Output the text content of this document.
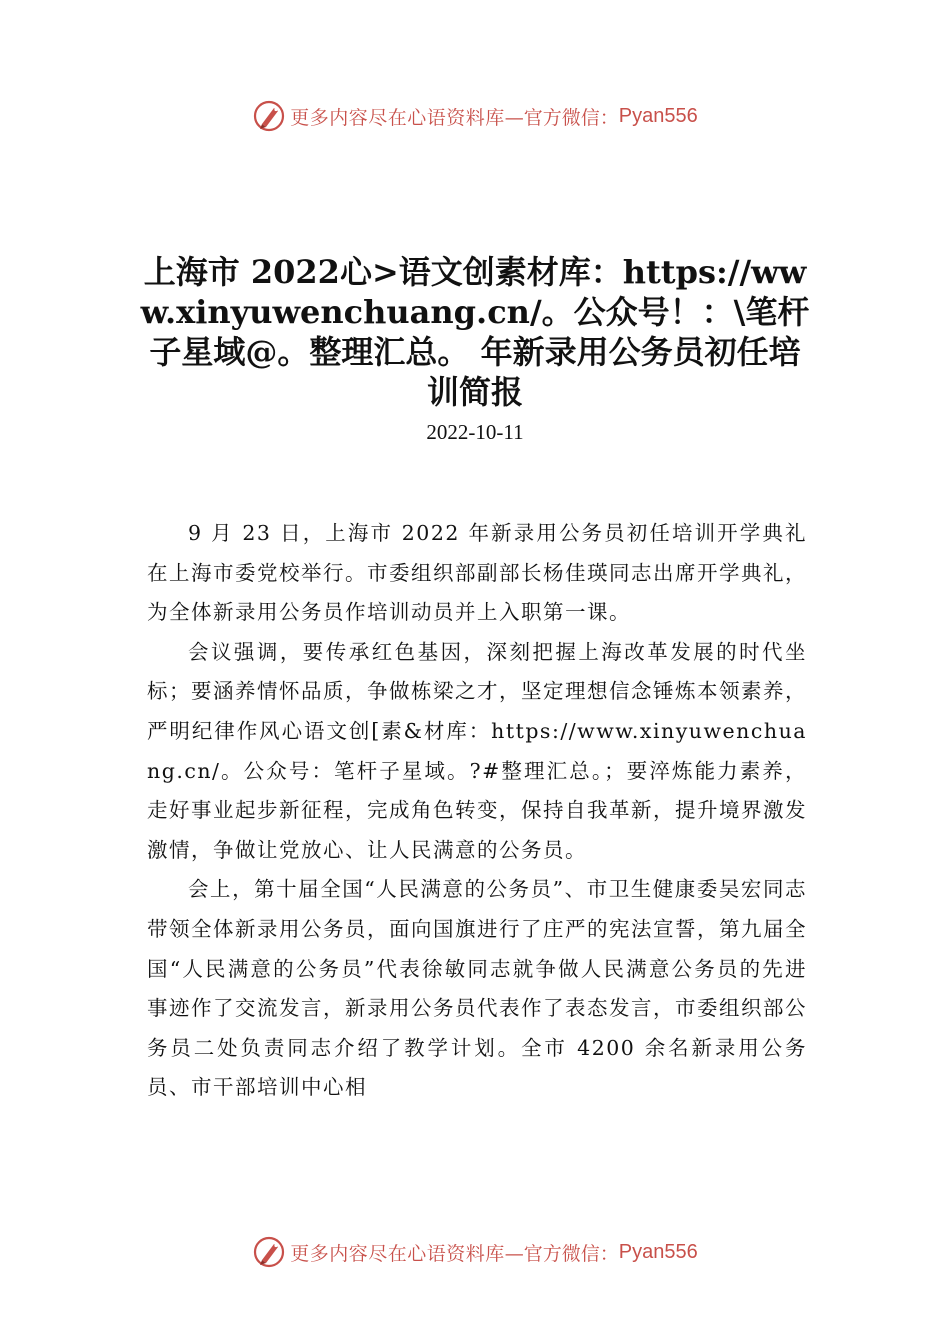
更多内容尽在心语资料库 —官方微信： Pyan556
上海市 2022心>语文创素材库：https://www.xinyuwenchuang.cn/。公众号！：\笔杆子星域@。整理汇总。 年新录用公务员初任培训简报
2022-10-11

9 月 23 日，上海市 2022 年新录用公务员初任培训开学典礼在上海市委党校举行。市委组织部副部长杨佳瑛同志出席开学典礼，为全体新录用公务员作培训动员并上入职第一课。

会议强调，要传承红色基因，深刻把握上海改革发展的时代坐标；要涵养情怀品质，争做栋梁之才，坚定理想信念锤炼本领素养，严明纪律作风心语文创[素&材库：https://www.xinyuwenchuang.cn/。公众号：笔杆子星域。?#整理汇总。；要淬炼能力素养，走好事业起步新征程，完成角色转变，保持自我革新，提升境界激发激情，争做让党放心、让人民满意的公务员。

会上，第十届全国“人民满意的公务员”、市卫生健康委吴宏同志带领全体新录用公务员，面向国旗进行了庄严的宪法宣誓，第九届全国“人民满意的公务员”代表徐敏同志就争做人民满意公务员的先进事迹作了交流发言，新录用公务员代表作了表态发言，市委组织部公务员二处负责同志介绍了教学计划。全市 4200 余名新录用公务员、市干部培训中心相

更多内容尽在心语资料库 —官方微信： Pyan556
